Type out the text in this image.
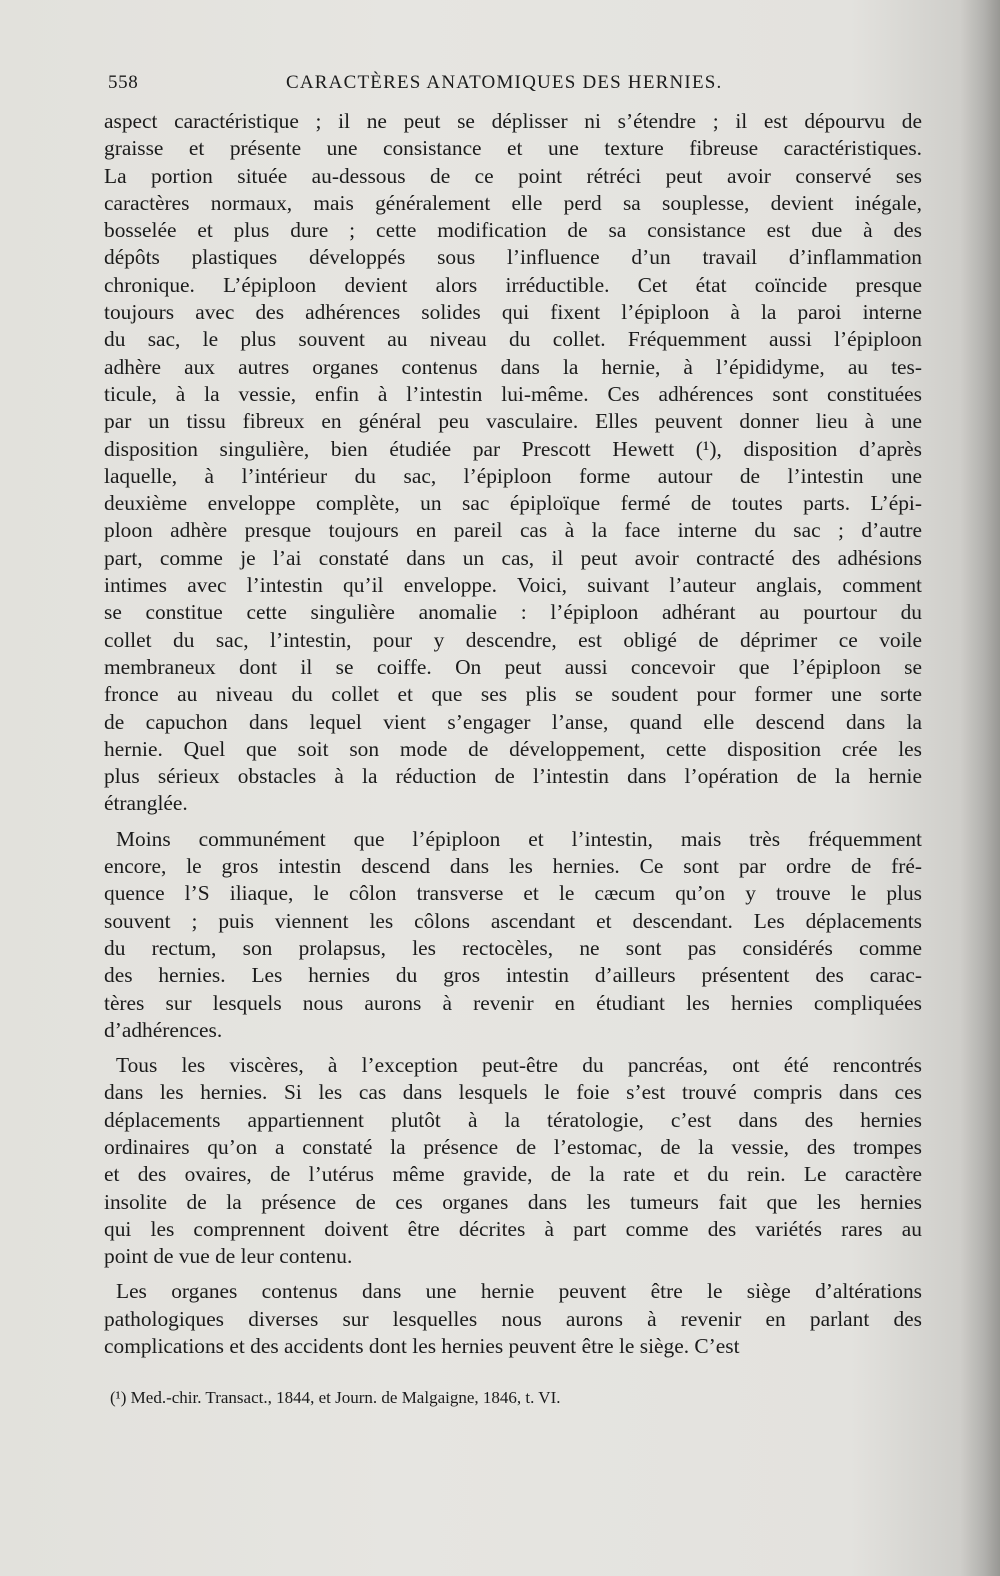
558	CARACTÈRES ANATOMIQUES DES HERNIES.
aspect caractéristique ; il ne peut se déplisser ni s’étendre ; il est dépourvu de
graisse et présente une consistance et une texture fibreuse caractéristiques.
La portion située au-dessous de ce point rétréci peut avoir conservé ses
caractères normaux, mais généralement elle perd sa souplesse, devient inégale,
bosselée et plus dure ; cette modification de sa consistance est due à des
dépôts plastiques développés sous l’influence d’un travail d’inflammation
chronique. L’épiploon devient alors irréductible. Cet état coïncide presque
toujours avec des adhérences solides qui fixent l’épiploon à la paroi interne
du sac, le plus souvent au niveau du collet. Fréquemment aussi l’épiploon
adhère aux autres organes contenus dans la hernie, à l’épididyme, au tes-
ticule, à la vessie, enfin à l’intestin lui-même. Ces adhérences sont constituées
par un tissu fibreux en général peu vasculaire. Elles peuvent donner lieu à une
disposition singulière, bien étudiée par Prescott Hewett (¹), disposition d’après
laquelle, à l’intérieur du sac, l’épiploon forme autour de l’intestin une
deuxième enveloppe complète, un sac épiploïque fermé de toutes parts. L’épi-
ploon adhère presque toujours en pareil cas à la face interne du sac ; d’autre
part, comme je l’ai constaté dans un cas, il peut avoir contracté des adhésions
intimes avec l’intestin qu’il enveloppe. Voici, suivant l’auteur anglais, comment
se constitue cette singulière anomalie : l’épiploon adhérant au pourtour du
collet du sac, l’intestin, pour y descendre, est obligé de déprimer ce voile
membraneux dont il se coiffe. On peut aussi concevoir que l’épiploon se
fronce au niveau du collet et que ses plis se soudent pour former une sorte
de capuchon dans lequel vient s’engager l’anse, quand elle descend dans la
hernie. Quel que soit son mode de développement, cette disposition crée les
plus sérieux obstacles à la réduction de l’intestin dans l’opération de la hernie
étranglée.
Moins communément que l’épiploon et l’intestin, mais très fréquemment
encore, le gros intestin descend dans les hernies. Ce sont par ordre de fré-
quence l’S iliaque, le côlon transverse et le cæcum qu’on y trouve le plus
souvent ; puis viennent les côlons ascendant et descendant. Les déplacements
du rectum, son prolapsus, les rectocèles, ne sont pas considérés comme
des hernies. Les hernies du gros intestin d’ailleurs présentent des carac-
tères sur lesquels nous aurons à revenir en étudiant les hernies compliquées
d’adhérences.
Tous les viscères, à l’exception peut-être du pancréas, ont été rencontrés
dans les hernies. Si les cas dans lesquels le foie s’est trouvé compris dans ces
déplacements appartiennent plutôt à la tératologie, c’est dans des hernies
ordinaires qu’on a constaté la présence de l’estomac, de la vessie, des trompes
et des ovaires, de l’utérus même gravide, de la rate et du rein. Le caractère
insolite de la présence de ces organes dans les tumeurs fait que les hernies
qui les comprennent doivent être décrites à part comme des variétés rares au
point de vue de leur contenu.
Les organes contenus dans une hernie peuvent être le siège d’altérations
pathologiques diverses sur lesquelles nous aurons à revenir en parlant des
complications et des accidents dont les hernies peuvent être le siège. C’est
(¹) Med.-chir. Transact., 1844, et Journ. de Malgaigne, 1846, t. VI.
